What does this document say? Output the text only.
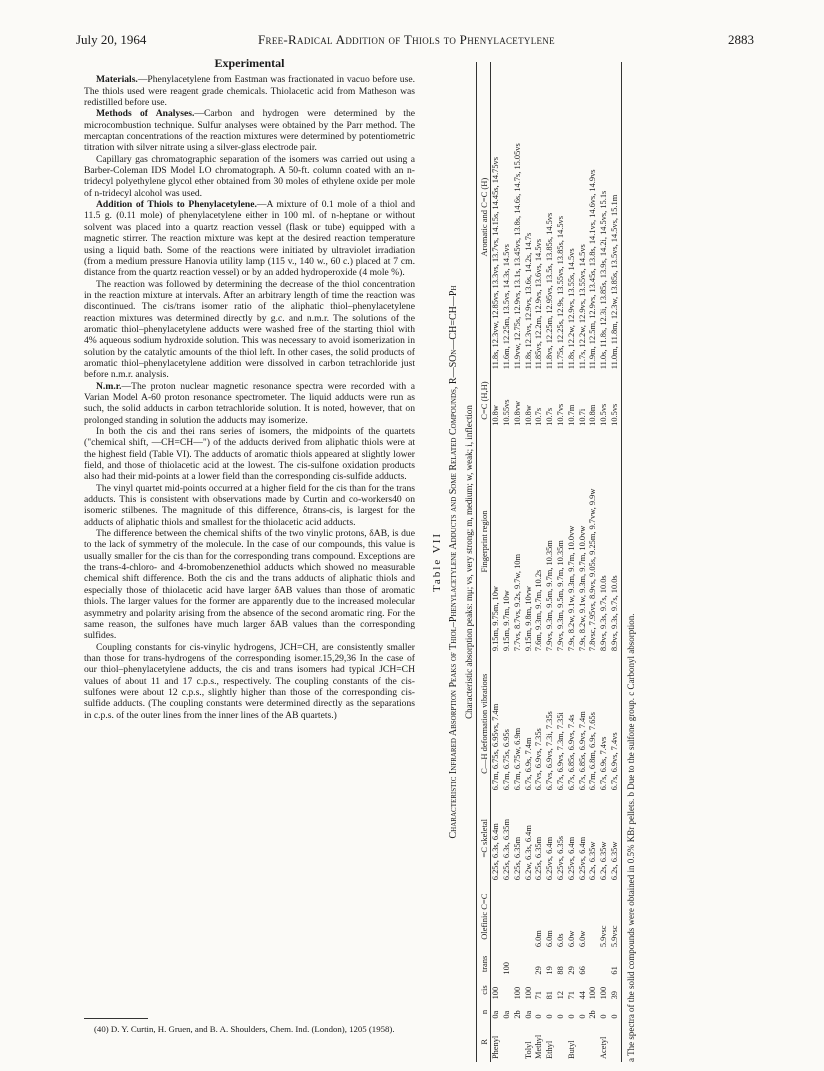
July 20, 1964	Free-Radical Addition of Thiols to Phenylacetylene	2883
Experimental

Materials.—Phenylacetylene from Eastman was fractionated in vacuo before use. The thiols used were reagent grade chemicals. Thiolacetic acid from Matheson was redistilled before use.

Methods of Analyses.—Carbon and hydrogen were determined by the microcombustion technique. Sulfur analyses were obtained by the Parr method. The mercaptan concentrations of the reaction mixtures were determined by potentiometric titration with silver nitrate using a silver-glass electrode pair.

Capillary gas chromatographic separation of the isomers was carried out using a Barber-Coleman IDS Model LO chromatograph. A 50-ft. column coated with an n-tridecyl polyethylene glycol ether obtained from 30 moles of ethylene oxide per mole of n-tridecyl alcohol was used.

Addition of Thiols to Phenylacetylene.—A mixture of 0.1 mole of a thiol and 11.5 g. (0.11 mole) of phenylacetylene either in 100 ml. of n-heptane or without solvent was placed into a quartz reaction vessel (flask or tube) equipped with a magnetic stirrer. The reaction mixture was kept at the desired reaction temperature using a liquid bath. Some of the reactions were initiated by ultraviolet irradiation (from a medium pressure Hanovia utility lamp (115 v., 140 w., 60 c.) placed at 7 cm. distance from the quartz reaction vessel) or by an added hydroperoxide (4 mole %).

The reaction was followed by determining the decrease of the thiol concentration in the reaction mixture at intervals. After an arbitrary length of time the reaction was discontinued. The cis/trans isomer ratio of the aliphatic thiol–phenylacetylene reaction mixtures was determined directly by g.c. and n.m.r. The solutions of the aromatic thiol–phenylacetylene adducts were washed free of the starting thiol with 4% aqueous sodium hydroxide solution. This was necessary to avoid isomerization in solution by the catalytic amounts of the thiol left. In other cases, the solid products of aromatic thiol–phenylacetylene addition were dissolved in carbon tetrachloride just before n.m.r. analysis.

N.m.r.—The proton nuclear magnetic resonance spectra were recorded with a Varian Model A-60 proton resonance spectrometer. The liquid adducts were run as such, the solid adducts in carbon tetrachloride solution. It is noted, however, that on prolonged standing in solution the adducts may isomerize.

In both the cis and thei rans series of isomers, the midpoints of the quartets ("chemical shift, —CH=CH—") of the adducts derived from aliphatic thiols were at the highest field (Table VI). The adducts of aromatic thiols appeared at slightly lower field, and those of thiolacetic acid at the lowest. The cis-sulfone oxidation products also had their mid-points at a lower field than the corresponding cis-sulfide adducts.

The vinyl quartet mid-points occurred at a higher field for the cis than for the trans adducts. This is consistent with observations made by Curtin and co-workers40 on isomeric stilbenes. The magnitude of this difference, δtrans-cis, is largest for the adducts of aliphatic thiols and smallest for the thiolacetic acid adducts.

The difference between the chemical shifts of the two vinylic protons, δAB, is due to the lack of symmetry of the molecule. In the case of our compounds, this value is usually smaller for the cis than for the corresponding trans compound. Exceptions are the trans-4-chloro- and 4-bromobenzenethiol adducts which showed no measurable chemical shift difference. Both the cis and the trans adducts of aliphatic thiols and especially those of thiolacetic acid have larger δAB values than those of aromatic thiols. The larger values for the former are apparently due to the increased molecular asymmetry and polarity arising from the absence of the second aromatic ring. For the same reason, the sulfones have much larger δAB values than the corresponding sulfides.

Coupling constants for cis-vinylic hydrogens, JCH=CH, are consistently smaller than those for trans-hydrogens of the corresponding isomer.15,29,36 In the case of our thiol–phenylacetylene adducts, the cis and trans isomers had typical JCH=CH values of about 11 and 17 c.p.s., respectively. The coupling constants of the cis-sulfones were about 12 c.p.s., slightly higher than those of the corresponding cis-sulfide adducts. (The coupling constants were determined directly as the separations in c.p.s. of the outer lines from the inner lines of the AB quartets.)

(40) D. Y. Curtin, H. Gruen, and B. A. Shoulders, Chem. Ind. (London), 1205 (1958).
Table VII Characteristic Infrared Absorption Peaks of Thiol–Phenylacetylene Adducts and Some Related Compounds, R—SOn—CH=CH—Ph Characteristic absorption peaks: mμ; vs, very strong; m, medium; w, weak; i, inflection
R	n	cis	trans	Olefinic C=C	=C skeletal	C—H deformation vibrations	Fingerprint region	C=C (H,H)	Aromatic and C=C (H)
Phenyl	0a	100			6.25s, 6.3s, 6.4m	6.7m, 6.75s, 6.95vs, 7.4m	9.15m, 9.75m, 10w	10.8w	11.8s, 12.3vw, 12.85vs, 13.3vs, 13.7vs, 14.15s, 14.45s, 14.75vs
	0a		100		6.25s, 6.3s, 6.35m	6.7m, 6.75s, 6.95s	9.15m, 9.7m, 10w	10.55vs	11.6m, 12.25m, 13.5vs, 14.3s, 14.5vs
	2b	100			6.25s, 6.35m	6.7m, 6.75w, 6.9m	7.7vs, 8.7vs, 9.2s, 9.7w, 10m	10.8vw	11.9vw, 12.75s, 12.9vs, 13.1s, 13.45vs, 13.8s, 14.6s, 14.7s, 15.05vs
Tolyl	0a	100			6.2w, 6.3s, 6.4m	6.7s, 6.9s, 7.4m	9.15m, 9.8m, 10vw	10.8w	11.8s, 12.3vs, 12.9vs, 13.6s, 14.2s, 14.7s
Methyl	0	71	29	6.0m	6.25s, 6.35m	6.7vs, 6.9vs, 7.35s	7.6m, 9.3m, 9.7m, 10.2s	10.7s	11.85vs, 12.2m, 12.9vs, 13.6vs, 14.5vs
Ethyl	0	81	19	6.0m	6.25vs, 6.4m	6.7vs, 6.9vs, 7.3i, 7.35s	7.9vs, 9.3m, 9.5m, 9.7m, 10.35m	10.7s	11.8vs, 12.25m, 12.95vs, 13.5s, 13.85s, 14.5vs
	0	12	88	6.0s	6.25vs, 6.35s	6.7s, 6.9vs, 7.3m, 7.35i	7.9vs, 9.3m, 9.5m, 9.7m, 10.35m	10.7vs	11.75s, 12.25s, 12.9s, 13.55vs, 13.85s, 14.5vs
Butyl	0	71	29	6.0w	6.25vs, 6.4m	6.7s, 6.85s, 6.9vs, 7.4s	7.9s, 8.2w, 9.1w, 9.3m, 9.7m, 10.0vw	10.7m	11.8s, 12.2w, 12.9vs, 13.55s, 14.5vs
	0	44	66	6.0w	6.25vs, 6.4m	6.7s, 6.85s, 6.9vs, 7.4m	7.9s, 8.2w, 9.1w, 9.3m, 9.7m, 10.0vw	10.7i	11.7s, 12.2w, 12.9vs, 13.55vs, 14.5vs
	2b	100			6.2s, 6.35w	6.7m, 6.8m, 6.9s, 7.65s	7.8vsc, 7.95vs, 8.9vs, 9.05s, 9.25m, 9.7vw, 9.9w	10.8m	11.9m, 12.5m, 12.9vs, 13.45s, 13.8s, 14.1vs, 14.6vs, 14.9vs
Acetyl	0	100		5.9vsc	6.2s, 6.35w	6.7s, 6.9s, 7.4vs	8.9vs, 9.3s, 9.7s, 10.0s	10.5vs	11.0s, 11.8s, 12.3i, 13.85s, 13.9s, 14.2i, 14.5vs, 15.1s
	0	39	61	5.9vsc	6.2s, 6.35w	6.7s, 6.9vs, 7.4vs	8.9vs, 9.3s, 9.7s, 10.0s	10.5vs	11.0m, 11.8m, 12.3w, 13.85s, 13.5vs, 14.5vs, 15.1m
a The spectra of the solid compounds were obtained in 0.5% KBr pellets. b Due to the sulfone group. c Carbonyl absorption.
